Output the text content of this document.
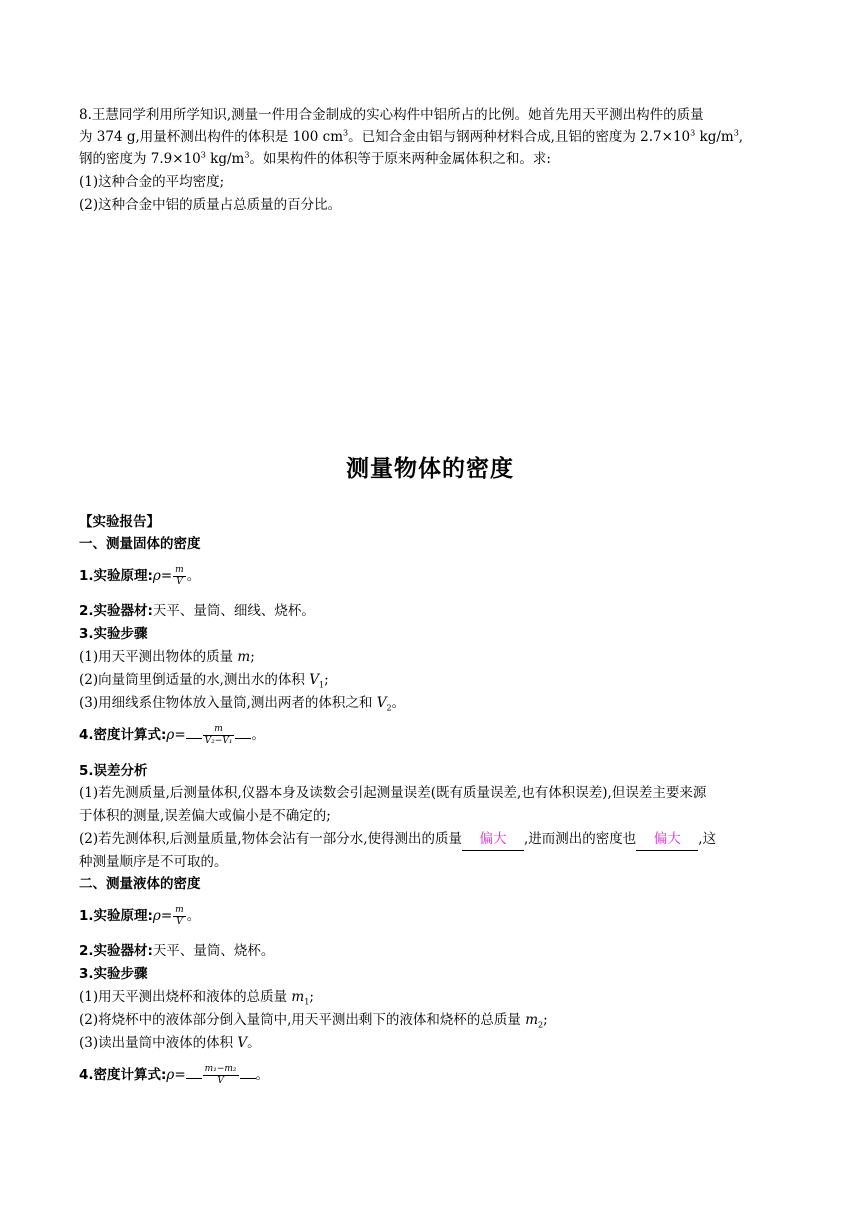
8.王慧同学利用所学知识,测量一件用合金制成的实心构件中铝所占的比例。她首先用天平测出构件的质量
为 374 g,用量杯测出构件的体积是 100 $cm^3$。已知合金由铝与钢两种材料合成,且铝的密度为 $2.7\times 10^3$ $kg/m^3$,
钢的密度为 $7.9\times 10^3$ $kg/m^3$。如果构件的体积等于原来两种金属体积之和。求:
(1)这种合金的平均密度;
(2)这种合金中铝的质量占总质量的百分比。
测量物体的密度
【实验报告】
一、测量固体的密度
1.实验原理:ρ= $\frac{m}{V}$ 。
2.实验器材:天平、量筒、细线、烧杯。
3.实验步骤
(1)用天平测出物体的质量 m;
(2)向量筒里倒适量的水,测出水的体积 $V_1$;
(3)用细线系住物体放入量筒,测出两者的体积之和 $V_2$。
4.密度计算式:ρ= $\frac{m}{\text{V₂−V₁}}$ 。
5.误差分析
(1)若先测质量,后测量体积,仪器本身及读数会引起测量误差(既有质量误差,也有体积误差),但误差主要来源
于体积的测量,误差偏大或偏小是不确定的;
(2)若先测体积,后测量质量,物体会沾有一部分水,使得测出的质量 偏大 ,进而测出的密度也 偏大 ,这
种测量顺序是不可取的。
二、测量液体的密度
1.实验原理:ρ= $\frac{m}{V}$ 。
2.实验器材:天平、量筒、烧杯。
3.实验步骤
(1)用天平测出烧杯和液体的总质量 $m_1$;
(2)将烧杯中的液体部分倒入量筒中,用天平测出剩下的液体和烧杯的总质量 $m_2$;
(3)读出量筒中液体的体积 V。
4.密度计算式:ρ= $\frac{\text{m₁−m₂}}{V}$ 。
